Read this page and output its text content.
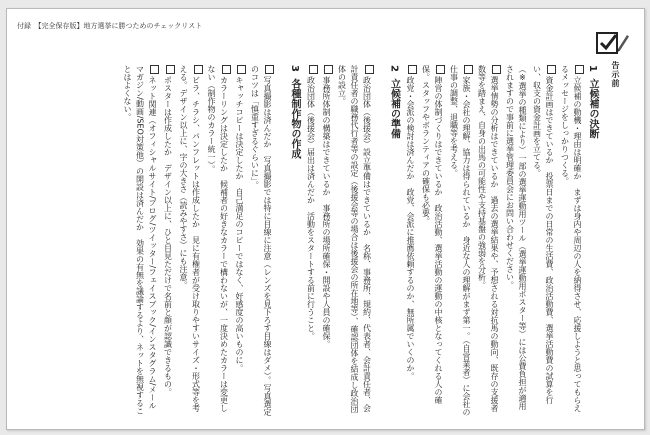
付録　【完全保存版】地方選挙に勝つためのチェックリスト
告示前
1  立候補の決断
立候補の動機・理由は明確か　まずは身内や周辺の人を納得させ、応援しようと思ってもらえるメッセージをしっかりつくる。
資金計画はできているか　投票日までの日常の生活費、政治活動費、選挙活動費の試算を行い、収支の資金計画を立てる。
（※選挙の種類により）一部の選挙運動用ツール（選挙運動用ポスター等）には公費負担が適用されますので事前に選挙管理委員会にお問い合わせください。
選挙情勢の分析はできているか　過去の選挙結果や、予想される対抗馬の動向、既存の支援者数等を踏まえ、自身の出馬の可能性や支持基盤の強弱を分析。
家族・会社の理解、協力は得られているか　身近な人の理解がまず第一。（自営業者）に会社の仕事の調整、退職等を考える。
陣営の体制づくりはできているか　政治活動、選挙活動の運動の中核となってくれる人の確保。スタッフやボランティアの確保も必要。
政党・会派の検討は済んだか　政党、会派に推薦依頼するのか、無所属でいくのか。
2  立候補の準備
政治団体（後援会）設立準備はできているか　名称、事務所、規約、代表者、会計責任者、会計責任者の職務代行者等の設定（後援会等の場合は後援会の所在地等）、確認団体を結成し政治団体の設立。
事務所体制の構築はできているか　事務所の場所確保・開設や人員の確保。
政治団体（後援会）届出は済んだか　活動をスタートする前に行うこと。
3  各種制作物の作成
写真撮影は済んだか　写真撮影では特に目線に注意（レンズを見下ろす目線はダメ）。写真選定のコツは「慎重すぎるぐらいに」。
キャッチコピーは決定したか　自己満足のコピーではなく、好感度の高いものに。
カラーリングは決定したか　候補者の好きなカラーで構わないが、一度決めたカラーは変更しない（制作物のカラー統一）。
ビラ、チラシ、パンフレットは作成したか　見に有権者が受け取りやすいサイズ・形式等を考える。デザイン以上に、字の大きさ（読みやすさ）にも注意。
ポスターは作成したか　デザイン以上に、ひと目見ただけで名前と顔が認識できるもの。
ネット関連（オフィシャルサイト/ブログ/ツイッター/フェイスブック/インスタグラム/メールマガジン/動画/SEO対策他）の開設は済んだか　効果の有無を議論するより、ネットを無視することはよくない。
